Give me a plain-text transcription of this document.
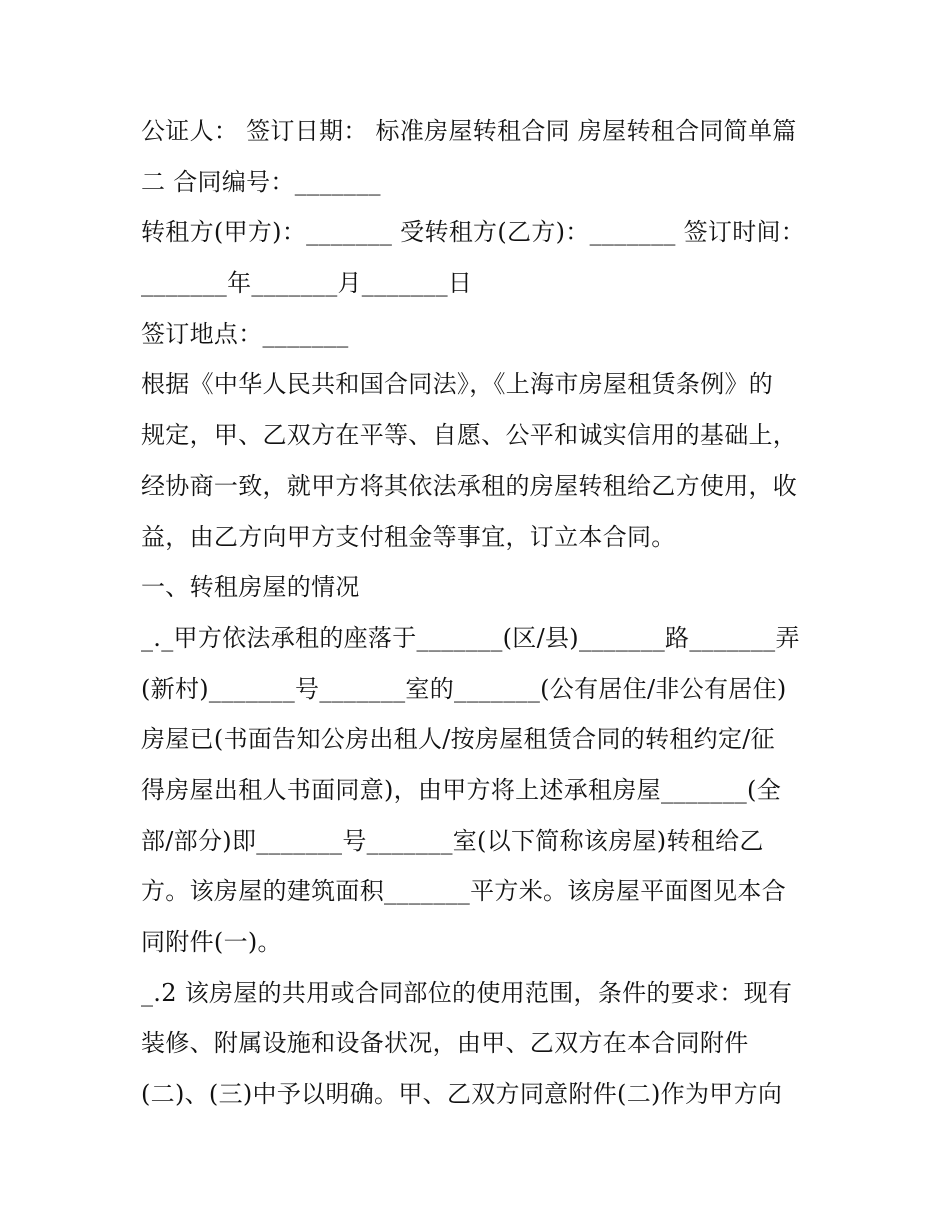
公证人： 签订日期： 标准房屋转租合同 房屋转租合同简单篇
二 合同编号：_______
转租方(甲方)：_______ 受转租方(乙方)：_______ 签订时间：
_______年_______月_______日
签订地点：_______
根据《中华人民共和国合同法》，《上海市房屋租赁条例》的
规定，甲、乙双方在平等、自愿、公平和诚实信用的基础上，
经协商一致，就甲方将其依法承租的房屋转租给乙方使用，收
益，由乙方向甲方支付租金等事宜，订立本合同。
一、转租房屋的情况
_._甲方依法承租的座落于_______(区/县)_______路_______弄
(新村)_______号_______室的_______(公有居住/非公有居住)
房屋已(书面告知公房出租人/按房屋租赁合同的转租约定/征
得房屋出租人书面同意)，由甲方将上述承租房屋_______(全
部/部分)即_______号_______室(以下简称该房屋)转租给乙
方。该房屋的建筑面积_______平方米。该房屋平面图见本合
同附件(一)。
_.2 该房屋的共用或合同部位的使用范围，条件的要求：现有
装修、附属设施和设备状况，由甲、乙双方在本合同附件
(二)、(三)中予以明确。甲、乙双方同意附件(二)作为甲方向
